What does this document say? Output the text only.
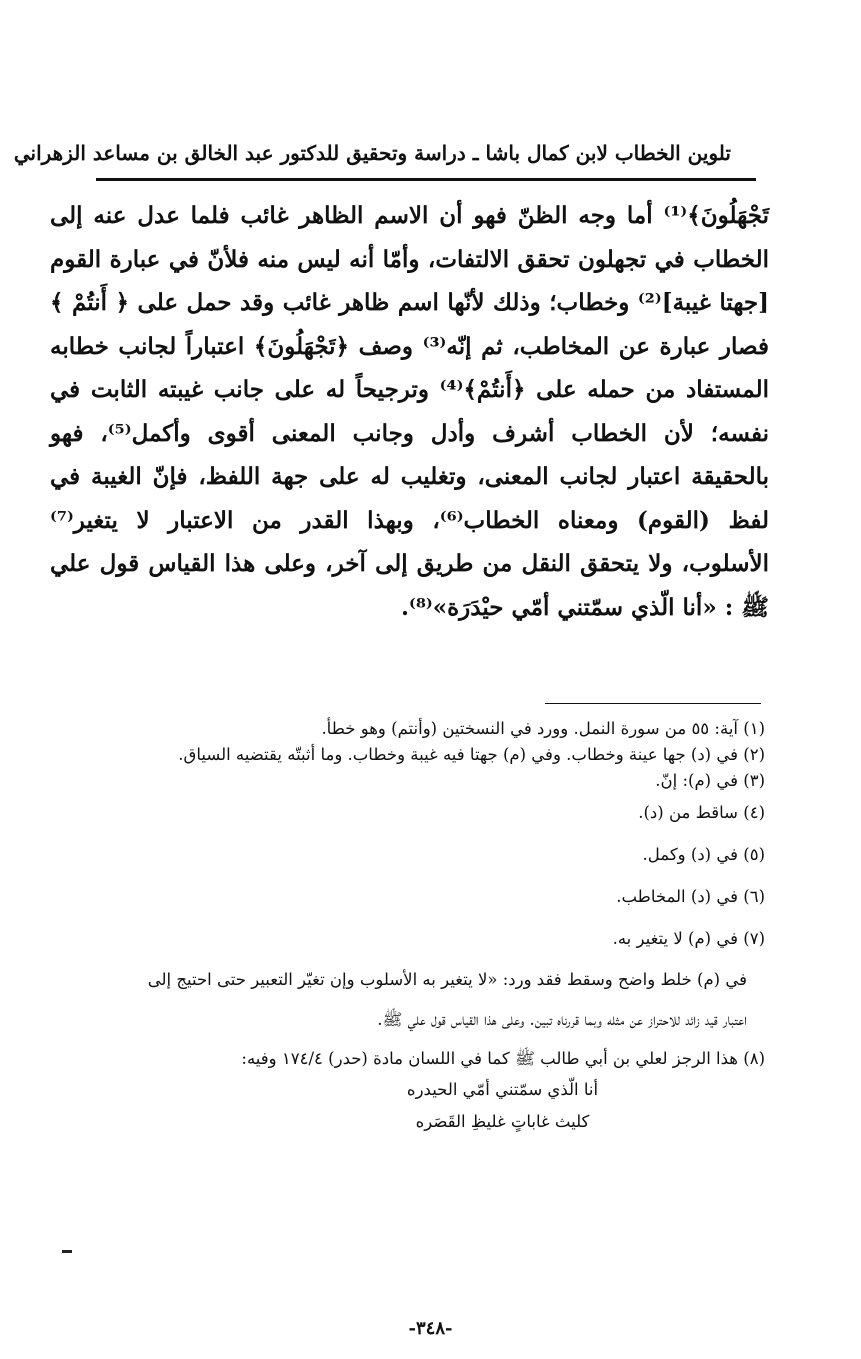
تلوين الخطاب لابن كمال باشا ـ دراسة وتحقيق للدكتور عبد الخالق بن مساعد الزهراني

تَجْهَلُونَ﴾⁽¹⁾ أما وجه الظنّ فهو أن الاسم الظاهر غائب فلما عدل عنه إلى الخطاب في تجهلون تحقق الالتفات، وأمّا أنه ليس منه فلأنّ في عبارة القوم [جهتا غيبة]⁽²⁾ وخطاب؛ وذلك لأنّها اسم ظاهر غائب وقد حمل على ﴿ أَنتُمْ ﴾ فصار عبارة عن المخاطب، ثم إنّه⁽³⁾ وصف ﴿تَجْهَلُونَ﴾ اعتباراً لجانب خطابه المستفاد من حمله على ﴿أَنتُمْ﴾⁽⁴⁾ وترجيحاً له على جانب غيبته الثابت في نفسه؛ لأن الخطاب أشرف وأدل وجانب المعنى أقوى وأكمل⁽⁵⁾، فهو بالحقيقة اعتبار لجانب المعنى، وتغليب له على جهة اللفظ، فإنّ الغيبة في لفظ (القوم) ومعناه الخطاب⁽⁶⁾، وبهذا القدر من الاعتبار لا يتغير⁽⁷⁾ الأسلوب، ولا يتحقق النقل من طريق إلى آخر، وعلى هذا القياس قول علي ﷺ : «أنا الّذي سمّتني أمّي حيْدَرَة»⁽⁸⁾.

(١) آية: ٥٥ من سورة النمل. وورد في النسختين (وأنتم) وهو خطأ.

(٢) في (د) جها عينة وخطاب. وفي (م) جهتا فيه غيبة وخطاب. وما أثبتّه يقتضيه السياق.

(٣) في (م): إنّ.

(٤) ساقط من (د).

(٥) في (د) وكمل.

(٦) في (د) المخاطب.

(٧) في (م) لا يتغير به.

في (م) خلط واضح وسقط فقد ورد: «لا يتغير به الأسلوب وإن تغيّر التعبير حتى احتيج إلى

اعتبار قيد زائد للاحتراز عن مثله وبما قررناه تبين. وعلى هذا القياس قول علي ﷺ.

(٨) هذا الرجز لعلي بن أبي طالب ﷺ كما في اللسان مادة (حدر) ١٧٤/٤ وفيه:

أنا الّذي سمّتني أمّي الحيدره

كليث غاباتٍ غليظِ القَصَره

-٣٤٨-
